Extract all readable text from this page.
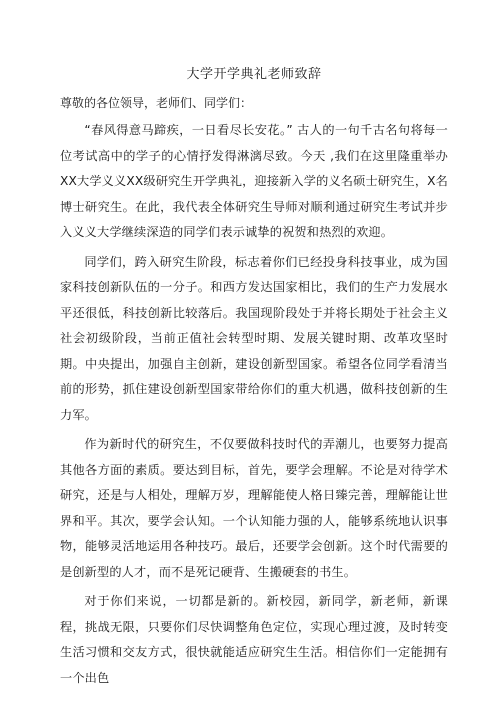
大学开学典礼老师致辞

尊敬的各位领导，老师们、同学们：

“春风得意马蹄疾，一日看尽长安花。” 古人的一句千古名句将每一位考试高中的学子的心情抒发得淋漓尽致。今天 ,我们在这里隆重举办XX大学义义XX级研究生开学典礼，迎接新入学的义名硕士研究生，X名博士研究生。在此，我代表全体研究生导师对顺利通过研究生考试并步入义义大学继续深造的同学们表示诚挚的祝贺和热烈的欢迎。

同学们，跨入研究生阶段，标志着你们已经投身科技事业，成为国家科技创新队伍的一分子。和西方发达国家相比，我们的生产力发展水平还很低，科技创新比较落后。我国现阶段处于并将长期处于社会主义社会初级阶段，当前正值社会转型时期、发展关键时期、改革攻坚时期。中央提出，加强自主创新，建设创新型国家。希望各位同学看清当前的形势，抓住建设创新型国家带给你们的重大机遇，做科技创新的生力军。

作为新时代的研究生，不仅要做科技时代的弄潮儿，也要努力提高其他各方面的素质。要达到目标，首先，要学会理解。不论是对待学术研究，还是与人相处，理解万岁，理解能使人格日臻完善，理解能让世界和平。其次，要学会认知。一个认知能力强的人，能够系统地认识事物，能够灵活地运用各种技巧。最后，还要学会创新。这个时代需要的是创新型的人才，而不是死记硬背、生搬硬套的书生。

对于你们来说，一切都是新的。新校园，新同学，新老师，新课程，挑战无限，只要你们尽快调整角色定位，实现心理过渡，及时转变生活习惯和交友方式，很快就能适应研究生生活。相信你们一定能拥有一个出色
